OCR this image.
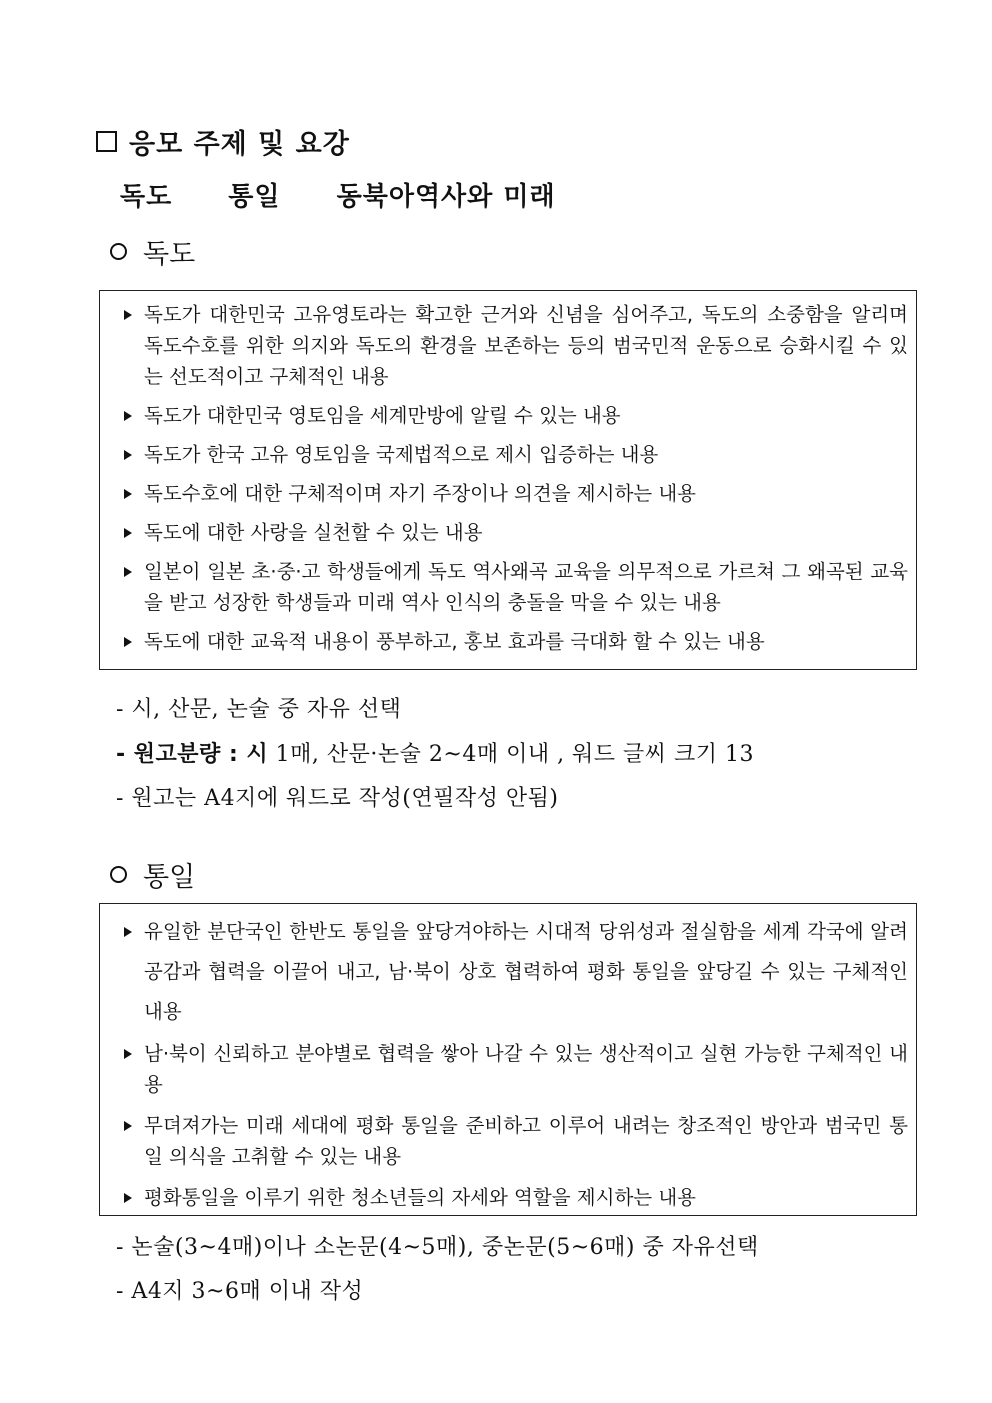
응모 주제 및 요강
독도 통일 동북아역사와 미래
독도
독도가 대한민국 고유영토라는 확고한 근거와 신념을 심어주고, 독도의 소중함을 알리며 독도수호를 위한 의지와 독도의 환경을 보존하는 등의 범국민적 운동으로 승화시킬 수 있는 선도적이고 구체적인 내용
독도가 대한민국 영토임을 세계만방에 알릴 수 있는 내용
독도가 한국 고유 영토임을 국제법적으로 제시 입증하는 내용
독도수호에 대한 구체적이며 자기 주장이나 의견을 제시하는 내용
독도에 대한 사랑을 실천할 수 있는 내용
일본이 일본 초·중·고 학생들에게 독도 역사왜곡 교육을 의무적으로 가르쳐 그 왜곡된 교육을 받고 성장한 학생들과 미래 역사 인식의 충돌을 막을 수 있는 내용
독도에 대한 교육적 내용이 풍부하고, 홍보 효과를 극대화 할 수 있는 내용
- 시, 산문, 논술 중 자유 선택
- 원고분량 : 시 1매, 산문·논술 2~4매 이내 , 워드 글씨 크기 13
- 원고는 A4지에 워드로 작성(연필작성 안됨)
통일
유일한 분단국인 한반도 통일을 앞당겨야하는 시대적 당위성과 절실함을 세계 각국에 알려 공감과 협력을 이끌어 내고, 남·북이 상호 협력하여 평화 통일을 앞당길 수 있는 구체적인 내용
남·북이 신뢰하고 분야별로 협력을 쌓아 나갈 수 있는 생산적이고 실현 가능한 구체적인 내용
무뎌져가는 미래 세대에 평화 통일을 준비하고 이루어 내려는 창조적인 방안과 범국민 통일 의식을 고취할 수 있는 내용
평화통일을 이루기 위한 청소년들의 자세와 역할을 제시하는 내용
- 논술(3~4매)이나 소논문(4~5매), 중논문(5~6매) 중 자유선택
- A4지 3~6매 이내 작성
